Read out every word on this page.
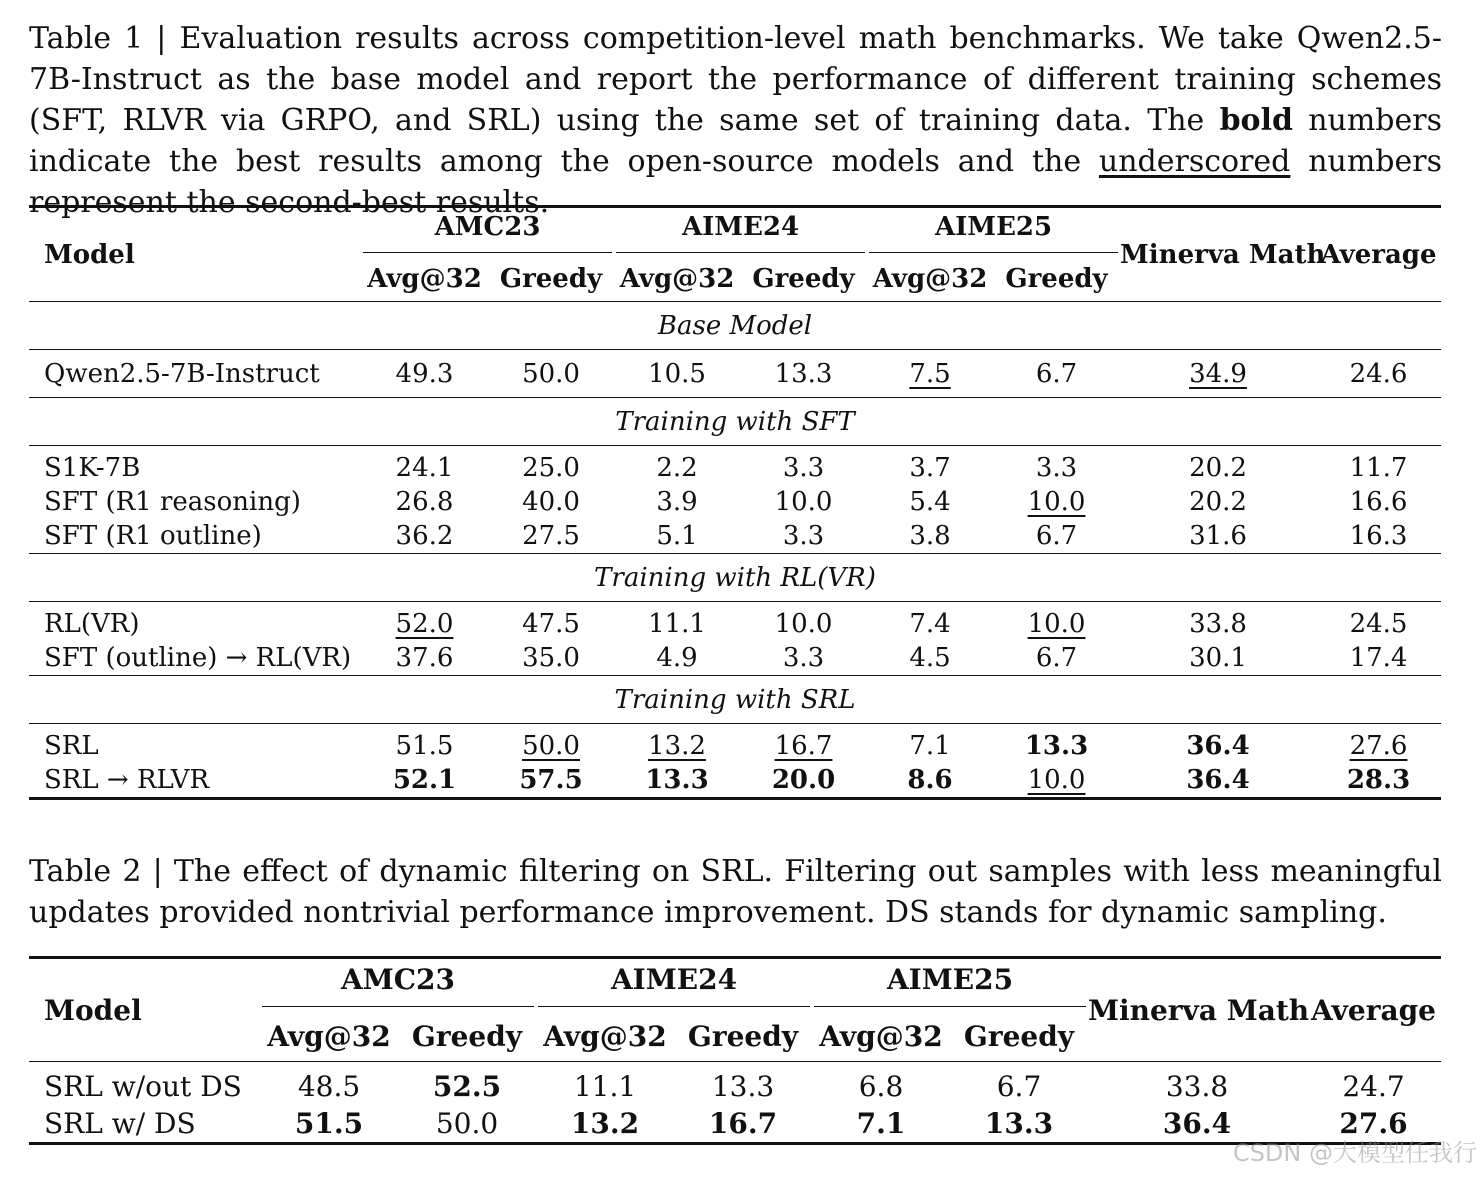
Table 1 | Evaluation results across competition-level math benchmarks. We take Qwen2.5-7B-Instruct as the base model and report the performance of different training schemes (SFT, RLVR via GRPO, and SRL) using the same set of training data. The bold numbers indicate the best results among the open-source models and the underscored numbers represent the second-best results.

Model	AMC23		AIME24		AIME25		Minerva Math	Average
	Avg@32	Greedy	Avg@32	Greedy	Avg@32	Greedy		
Base Model								
Qwen2.5-7B-Instruct	49.3	50.0	10.5	13.3	7.5	6.7	34.9	24.6
Training with SFT								
S1K-7B	24.1	25.0	2.2	3.3	3.7	3.3	20.2	11.7
SFT (R1 reasoning)	26.8	40.0	3.9	10.0	5.4	10.0	20.2	16.6
SFT (R1 outline)	36.2	27.5	5.1	3.3	3.8	6.7	31.6	16.3
Training with RL(VR)								
RL(VR)	52.0	47.5	11.1	10.0	7.4	10.0	33.8	24.5
SFT (outline) → RL(VR)	37.6	35.0	4.9	3.3	4.5	6.7	30.1	17.4
Training with SRL								
SRL	51.5	50.0	13.2	16.7	7.1	13.3	36.4	27.6
SRL → RLVR	52.1	57.5	13.3	20.0	8.6	10.0	36.4	28.3

Table 2 | The effect of dynamic filtering on SRL. Filtering out samples with less meaningful updates provided nontrivial performance improvement. DS stands for dynamic sampling.

Model	AMC23		AIME24		AIME25		Minerva Math	Average
	Avg@32	Greedy	Avg@32	Greedy	Avg@32	Greedy		
SRL w/out DS	48.5	52.5	11.1	13.3	6.8	6.7	33.8	24.7
SRL w/ DS	51.5	50.0	13.2	16.7	7.1	13.3	36.4	27.6
CSDN @大模型任我行
